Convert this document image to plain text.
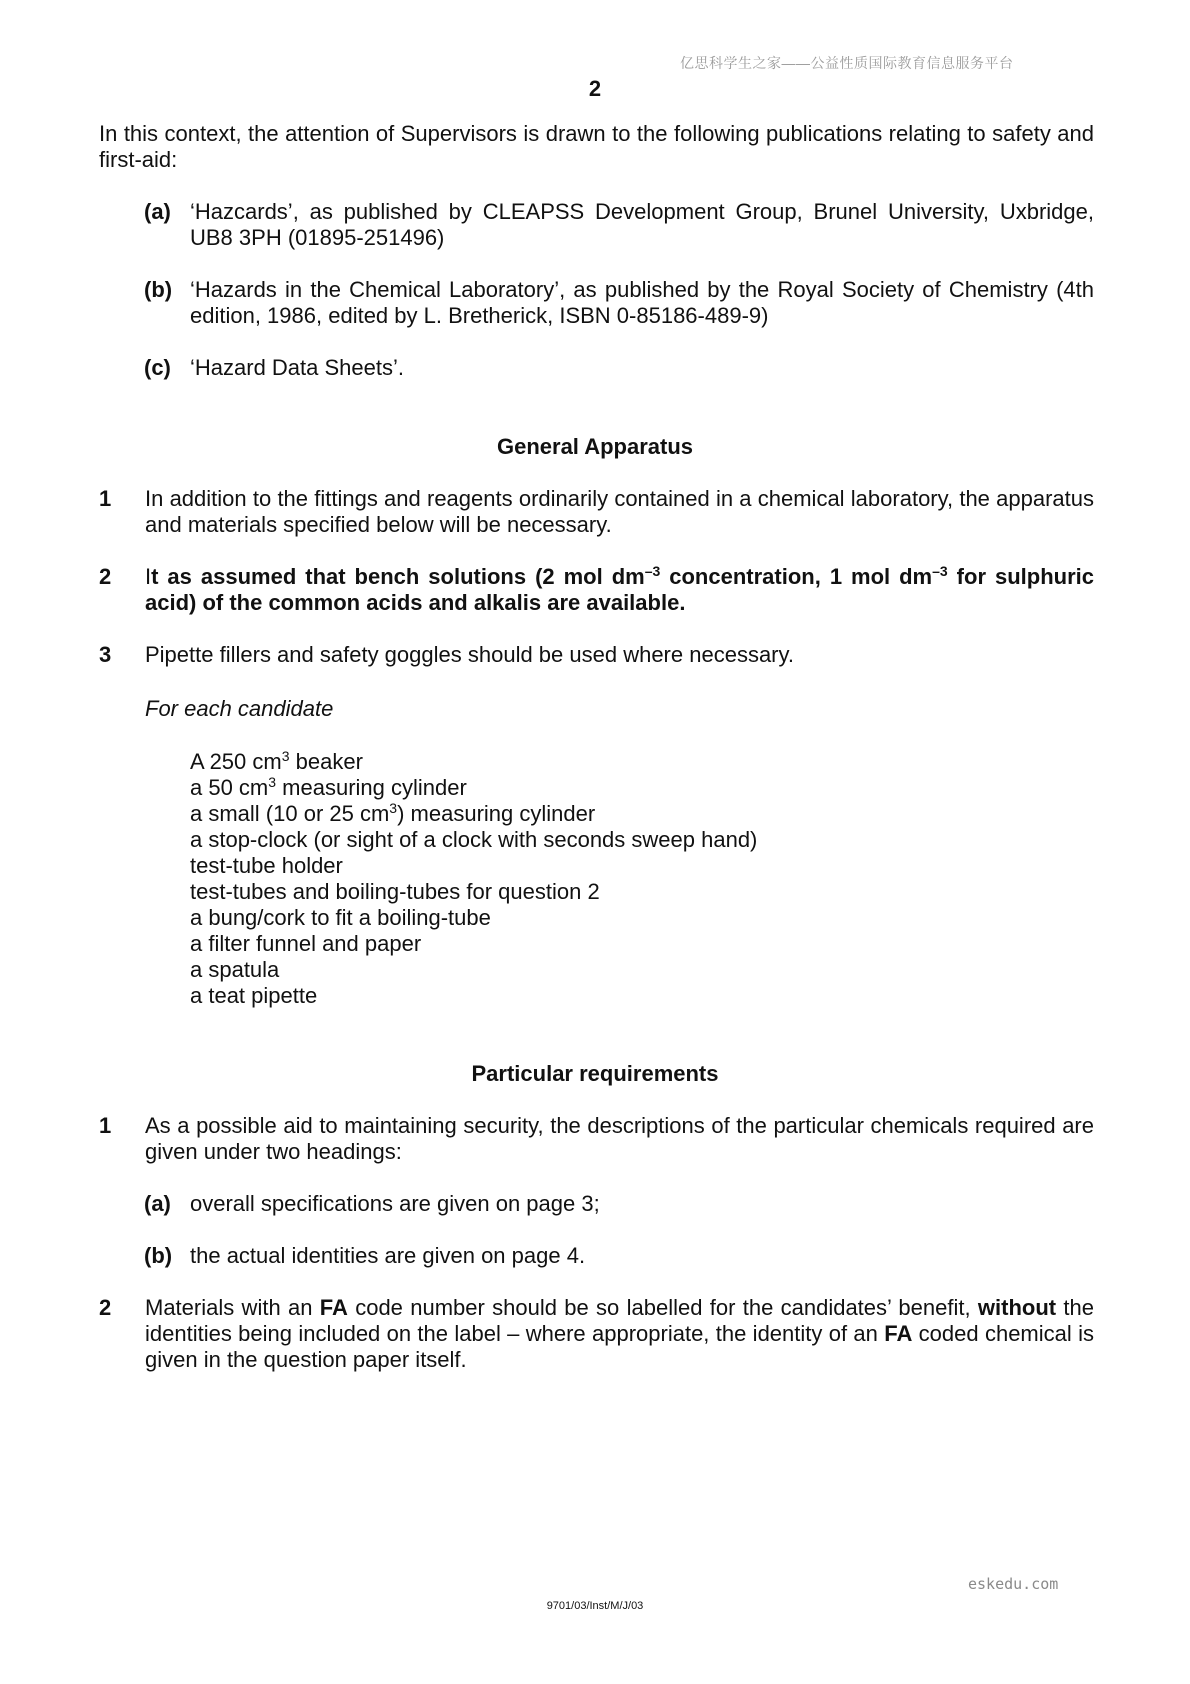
亿思科学生之家——公益性质国际教育信息服务平台
2
In this context, the attention of Supervisors is drawn to the following publications relating to safety and first-aid:
(a) ‘Hazcards’, as published by CLEAPSS Development Group, Brunel University, Uxbridge, UB8 3PH (01895-251496)
(b) ‘Hazards in the Chemical Laboratory’, as published by the Royal Society of Chemistry (4th edition, 1986, edited by L. Bretherick, ISBN 0-85186-489-9)
(c) ‘Hazard Data Sheets’.
General Apparatus
1	In addition to the fittings and reagents ordinarily contained in a chemical laboratory, the apparatus and materials specified below will be necessary.
2	It as assumed that bench solutions (2 mol $dm^{-3}$ concentration, 1 mol $dm^{-3}$ for sulphuric acid) of the common acids and alkalis are available.
3	Pipette fillers and safety goggles should be used where necessary.
For each candidate
A 250 $cm^3$ beaker
a 50 $cm^3$ measuring cylinder
a small (10 or 25 $cm^3$) measuring cylinder
a stop-clock (or sight of a clock with seconds sweep hand)
test-tube holder
test-tubes and boiling-tubes for question 2
a bung/cork to fit a boiling-tube
a filter funnel and paper
a spatula
a teat pipette
Particular requirements
1	As a possible aid to maintaining security, the descriptions of the particular chemicals required are given under two headings:
(a) overall specifications are given on page 3;
(b) the actual identities are given on page 4.
2	Materials with an FA code number should be so labelled for the candidates’ benefit, without the identities being included on the label – where appropriate, the identity of an FA coded chemical is given in the question paper itself.
eskedu.com
9701/03/Inst/M/J/03
